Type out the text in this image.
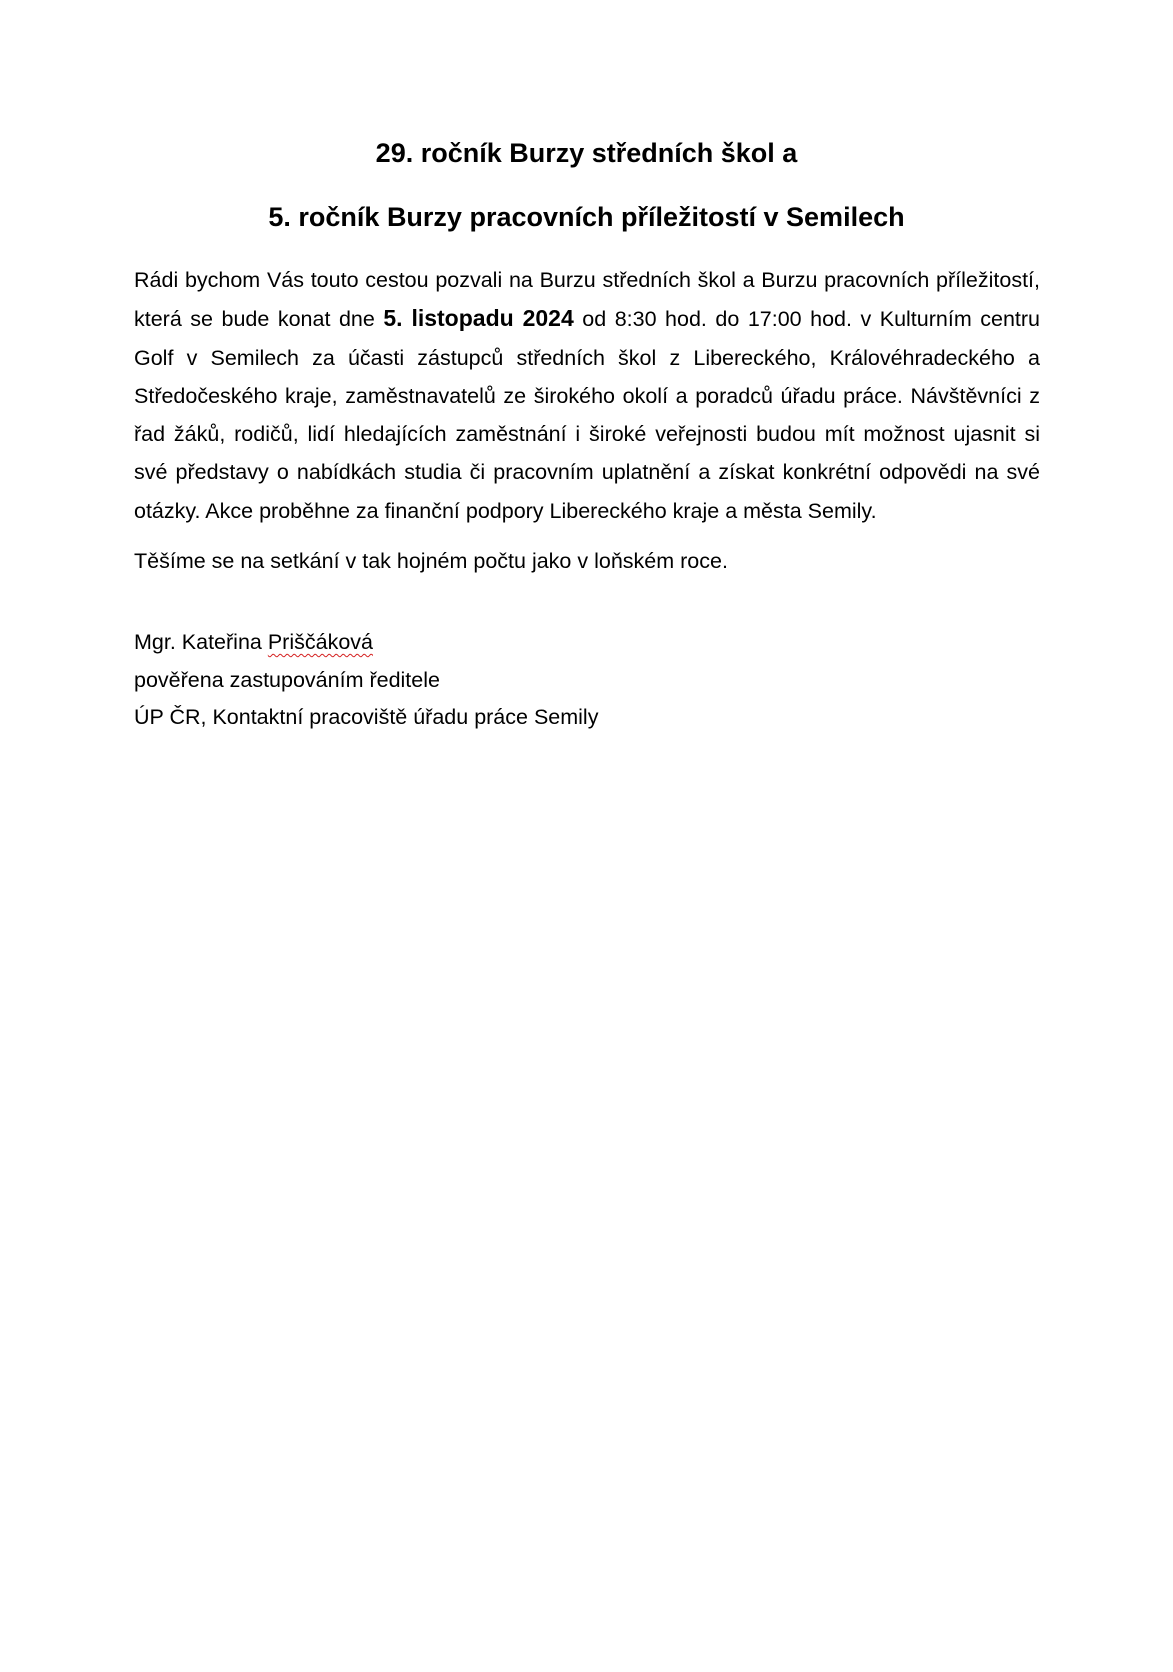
29. ročník Burzy středních škol a
5. ročník Burzy pracovních příležitostí v Semilech

Rádi bychom Vás touto cestou pozvali na Burzu středních škol a Burzu pracovních příležitostí, která se bude konat dne 5. listopadu 2024 od 8:30 hod. do 17:00 hod. v Kulturním centru Golf v Semilech za účasti zástupců středních škol z Libereckého, Královéhradeckého a Středočeského kraje, zaměstnavatelů ze širokého okolí a poradců úřadu práce. Návštěvníci z řad žáků, rodičů, lidí hledajících zaměstnání i široké veřejnosti budou mít možnost ujasnit si své představy o nabídkách studia či pracovním uplatnění a získat konkrétní odpovědi na své otázky. Akce proběhne za finanční podpory Libereckého kraje a města Semily.

Těšíme se na setkání v tak hojném počtu jako v loňském roce.

Mgr. Kateřina Priščáková
pověřena zastupováním ředitele
ÚP ČR, Kontaktní pracoviště úřadu práce Semily
